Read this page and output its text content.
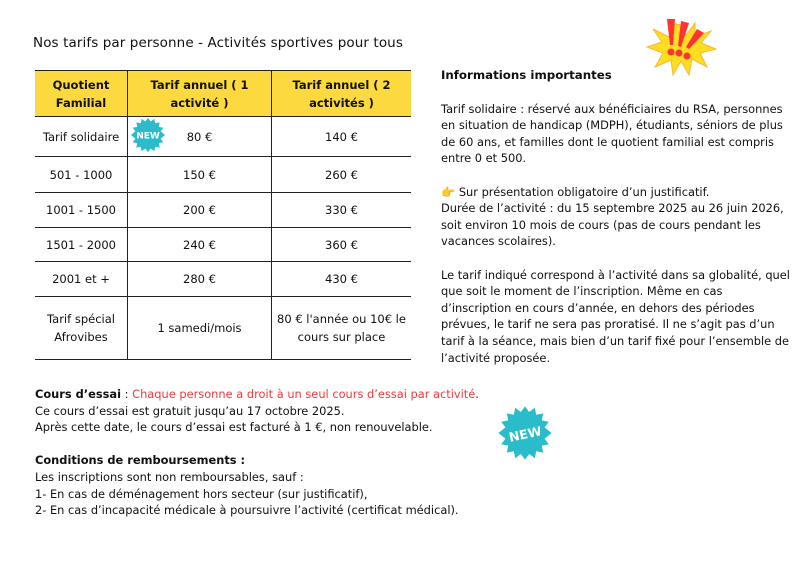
Nos tarifs par personne - Activités sportives pour tous
Quotient Familial	Tarif annuel ( 1 activité )	Tarif annuel ( 2 activités )
Tarif solidaire	80 €	140 €
501 - 1000	150 €	260 €
1001 - 1500	200 €	330 €
1501 - 2000	240 €	360 €
2001 et +	280 €	430 €
Tarif spécial Afrovibes	1 samedi/mois	80 € l'année ou 10€ le cours sur place
NEW
Informations importantes

Tarif solidaire : réservé aux bénéficiaires du RSA, personnes en situation de handicap (MDPH), étudiants, séniors de plus de 60 ans, et familles dont le quotient familial est compris entre 0 et 500.

👉 Sur présentation obligatoire d’un justificatif.
Durée de l’activité : du 15 septembre 2025 au 26 juin 2026, soit environ 10 mois de cours (pas de cours pendant les vacances scolaires).

Le tarif indiqué correspond à l’activité dans sa globalité, quel que soit le moment de l’inscription. Même en cas d’inscription en cours d’année, en dehors des périodes prévues, le tarif ne sera pas proratisé. Il ne s’agit pas d’un tarif à la séance, mais bien d’un tarif fixé pour l’ensemble de l’activité proposée.

NEW

Cours d’essai : Chaque personne a droit à un seul cours d’essai par activité.
Ce cours d’essai est gratuit jusqu’au 17 octobre 2025.
Après cette date, le cours d’essai est facturé à 1 €, non renouvelable.

Conditions de remboursements :
Les inscriptions sont non remboursables, sauf :
1- En cas de déménagement hors secteur (sur justificatif),
2- En cas d’incapacité médicale à poursuivre l’activité (certificat médical).
